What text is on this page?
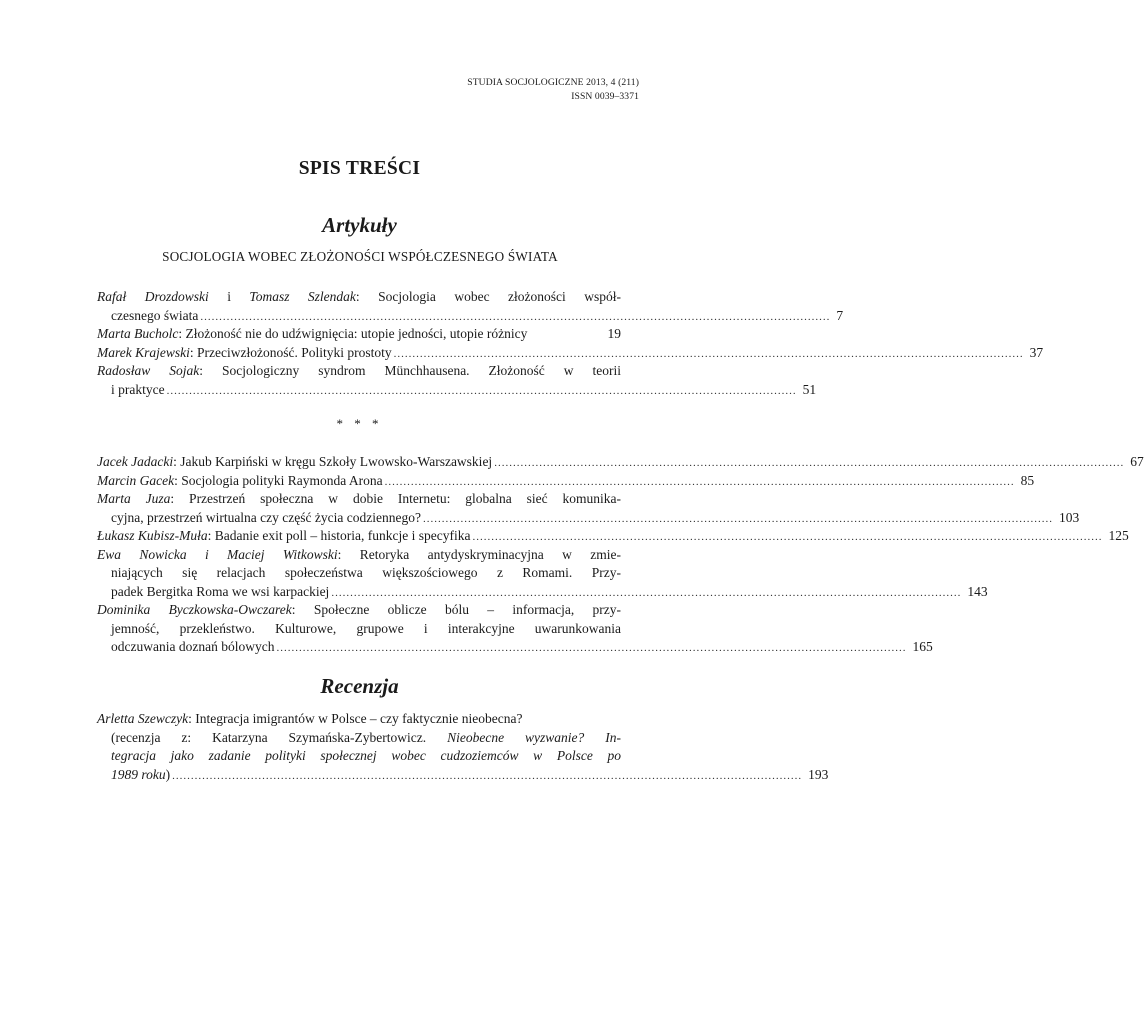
STUDIA SOCJOLOGICZNE 2013, 4 (211)
ISSN 0039–3371
SPIS TREŚCI
Artykuły
SOCJOLOGIA WOBEC ZŁOŻONOŚCI WSPÓŁCZESNEGO ŚWIATA
Rafał Drozdowski i Tomasz Szlendak: Socjologia wobec złożoności współ-
czesnego świata ........................................................................................................................................................................ 7
Marta Bucholc: Złożoność nie do udźwignięcia: utopie jedności, utopie różnicy	19
Marek Krajewski: Przeciwzłożoność. Polityki prostoty ........................................................................................................................................................................ 37
Radosław Sojak: Socjologiczny syndrom Münchhausena. Złożoność w teorii
i praktyce ........................................................................................................................................................................ 51
* * *
Jacek Jadacki: Jakub Karpiński w kręgu Szkoły Lwowsko-Warszawskiej ........................................................................................................................................................................ 67
Marcin Gacek: Socjologia polityki Raymonda Arona ........................................................................................................................................................................ 85
Marta Juza: Przestrzeń społeczna w dobie Internetu: globalna sieć komunika-
cyjna, przestrzeń wirtualna czy część życia codziennego? ........................................................................................................................................................................ 103
Łukasz Kubisz-Muła: Badanie exit poll – historia, funkcje i specyfika ........................................................................................................................................................................ 125
Ewa Nowicka i Maciej Witkowski: Retoryka antydyskryminacyjna w zmie-
niających się relacjach społeczeństwa większościowego z Romami. Przy-
padek Bergitka Roma we wsi karpackiej ........................................................................................................................................................................ 143
Dominika Byczkowska-Owczarek: Społeczne oblicze bólu – informacja, przy-
jemność, przekleństwo. Kulturowe, grupowe i interakcyjne uwarunkowania
odczuwania doznań bólowych ........................................................................................................................................................................ 165
Recenzja
Arletta Szewczyk: Integracja imigrantów w Polsce – czy faktycznie nieobecna?
(recenzja z: Katarzyna Szymańska-Zybertowicz. Nieobecne wyzwanie? In-
tegracja jako zadanie polityki społecznej wobec cudzoziemców w Polsce po
1989 roku) ........................................................................................................................................................................ 193
